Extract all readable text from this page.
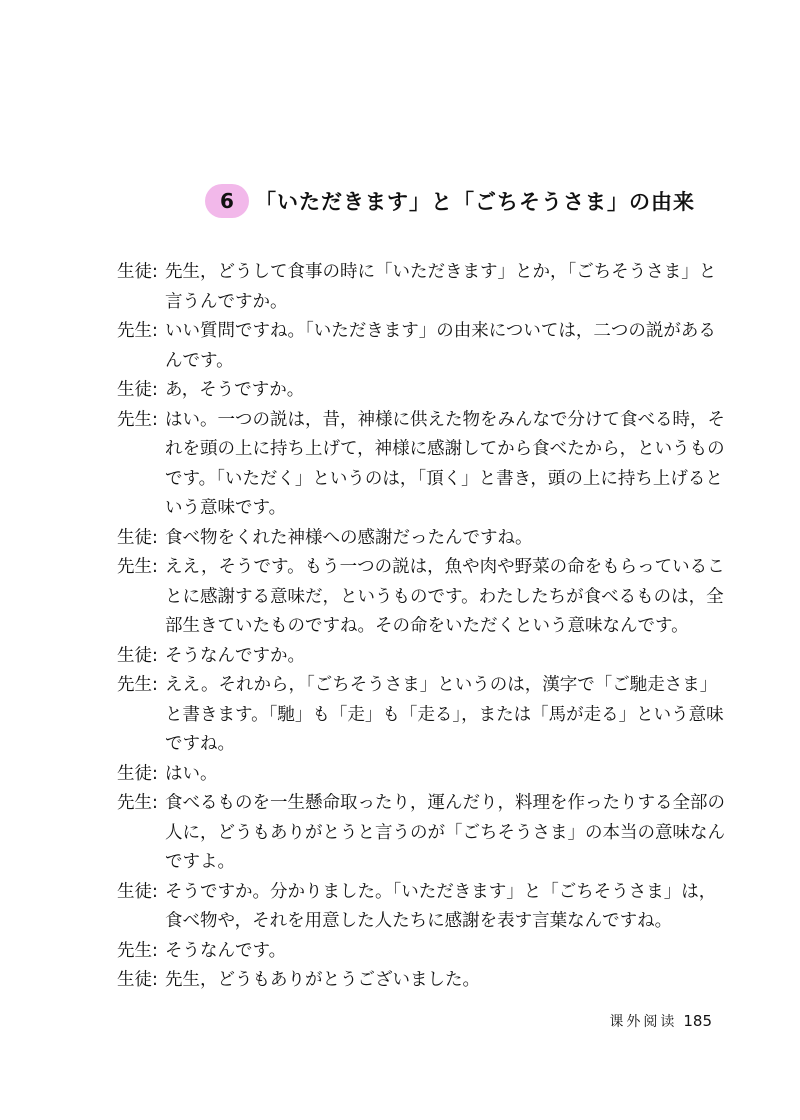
6	「いただきます」と「ごちそうさま」の由来
生徒: 先生，どうして食事の時に「いただきます」とか，「ごちそうさま」と言うんですか。
先生: いい質問ですね。「いただきます」の由来については，二つの説があるんです。
生徒: あ，そうですか。
先生: はい。一つの説は，昔，神様に供えた物をみんなで分けて食べる時，それを頭の上に持ち上げて，神様に感謝してから食べたから，というものです。「いただく」というのは，「頂く」と書き，頭の上に持ち上げるという意味です。
生徒: 食べ物をくれた神様への感謝だったんですね。
先生: ええ，そうです。もう一つの説は，魚や肉や野菜の命をもらっていることに感謝する意味だ，というものです。わたしたちが食べるものは，全部生きていたものですね。その命をいただくという意味なんです。
生徒: そうなんですか。
先生: ええ。それから，「ごちそうさま」というのは，漢字で「ご馳走さま」と書きます。「馳」も「走」も「走る」，または「馬が走る」という意味ですね。
生徒: はい。
先生: 食べるものを一生懸命取ったり，運んだり，料理を作ったりする全部の人に，どうもありがとうと言うのが「ごちそうさま」の本当の意味なんですよ。
生徒: そうですか。分かりました。「いただきます」と「ごちそうさま」は，食べ物や，それを用意した人たちに感謝を表す言葉なんですね。
先生: そうなんです。
生徒: 先生，どうもありがとうございました。
课外阅读 185
